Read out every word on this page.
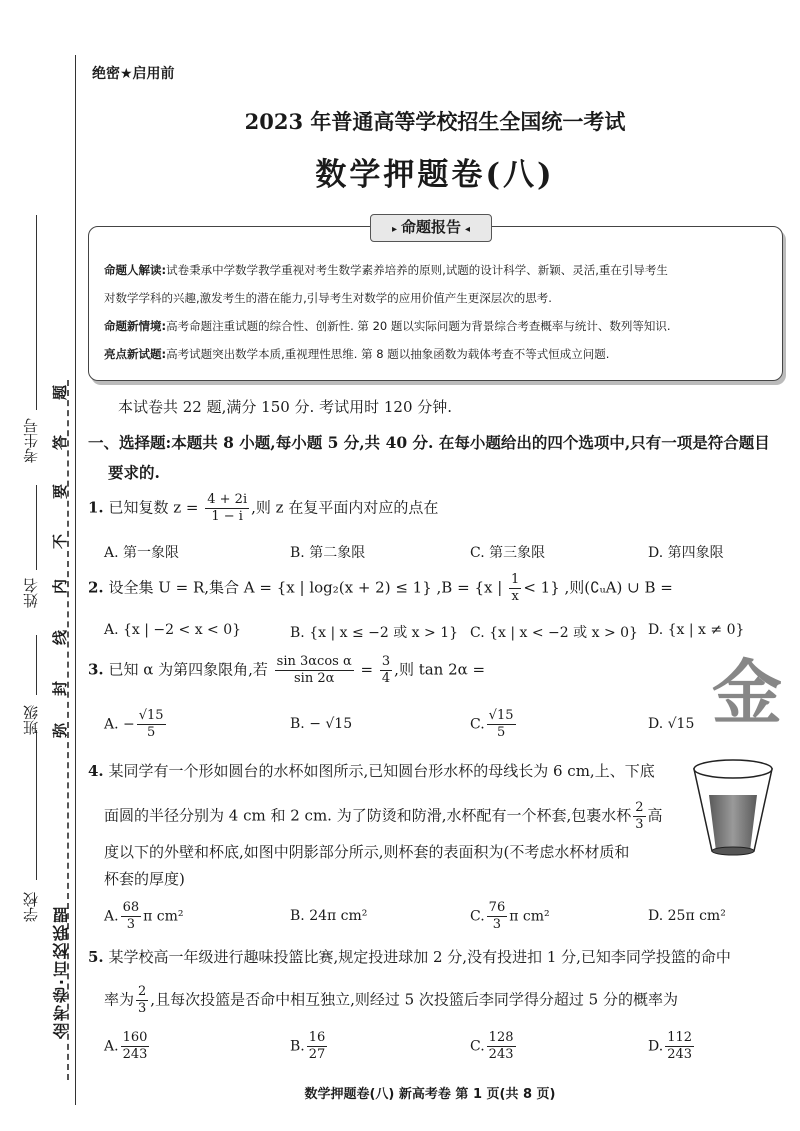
金考卷·百校联盟
学校
班级
姓名
考生号
弥
封
线
内
不
要
答
题
绝密★启用前
2023 年普通高等学校招生全国统一考试
数学押题卷(八)
▸ 命题报告 ◂
命题人解读:试卷秉承中学数学教学重视对考生数学素养培养的原则,试题的设计科学、新颖、灵活,重在引导考生
对数学学科的兴趣,激发考生的潜在能力,引导考生对数学的应用价值产生更深层次的思考.
命题新情境:高考命题注重试题的综合性、创新性. 第 20 题以实际问题为背景综合考查概率与统计、数列等知识.
亮点新试题:高考试题突出数学本质,重视理性思维. 第 8 题以抽象函数为载体考查不等式恒成立问题.
本试卷共 22 题,满分 150 分. 考试用时 120 分钟.
一、选择题:本题共 8 小题,每小题 5 分,共 40 分. 在每小题给出的四个选项中,只有一项是符合题目
要求的.
1. 已知复数 $z = \frac{4 + 2i}{1 - i}$ ,则 z 在复平面内对应的点在
A. 第一象限	B. 第二象限	C. 第三象限	D. 第四象限
2. 设全集 U = R,集合 A = {x | log₂(x + 2) ≤ 1} ,B = {x | $\frac{1}{x} < 1$} ,则(∁ᵤA) ∪ B =
A. {x | −2 < x < 0}	B. {x | x ≤ −2 或 x > 1} C. {x | x < −2 或 x > 0} D. {x | x ≠ 0}
金
3. 已知 α 为第四象限角,若 $\frac{\text{sin 3αcos α}}{\sin 2\alpha} = \frac{3}{4}$ ,则 tan 2α =
A. − $\frac{√15}{5}$	B. − √15	C. $\frac{√15}{5}$	D. √15
4. 某同学有一个形如圆台的水杯如图所示,已知圆台形水杯的母线长为 6 cm,上、下底
面圆的半径分别为 4 cm 和 2 cm. 为了防烫和防滑,水杯配有一个杯套,包裹水杯 $\frac{2}{3}$ 高
度以下的外壁和杯底,如图中阴影部分所示,则杯套的表面积为(不考虑水杯材质和
杯套的厚度)
A. $\frac{68}{3}$ π cm²	B. 24π cm²	C. $\frac{76}{3}$ π cm²	D. 25π cm²
5. 某学校高一年级进行趣味投篮比赛,规定投进球加 2 分,没有投进扣 1 分,已知李同学投篮的命中
率为 $\frac{2}{3}$ ,且每次投篮是否命中相互独立,则经过 5 次投篮后李同学得分超过 5 分的概率为
A. $\frac{160}{243}$	B. $\frac{16}{27}$	C. $\frac{128}{243}$	D. $\frac{112}{243}$
数学押题卷(八) 新高考卷 第 1 页(共 8 页)
